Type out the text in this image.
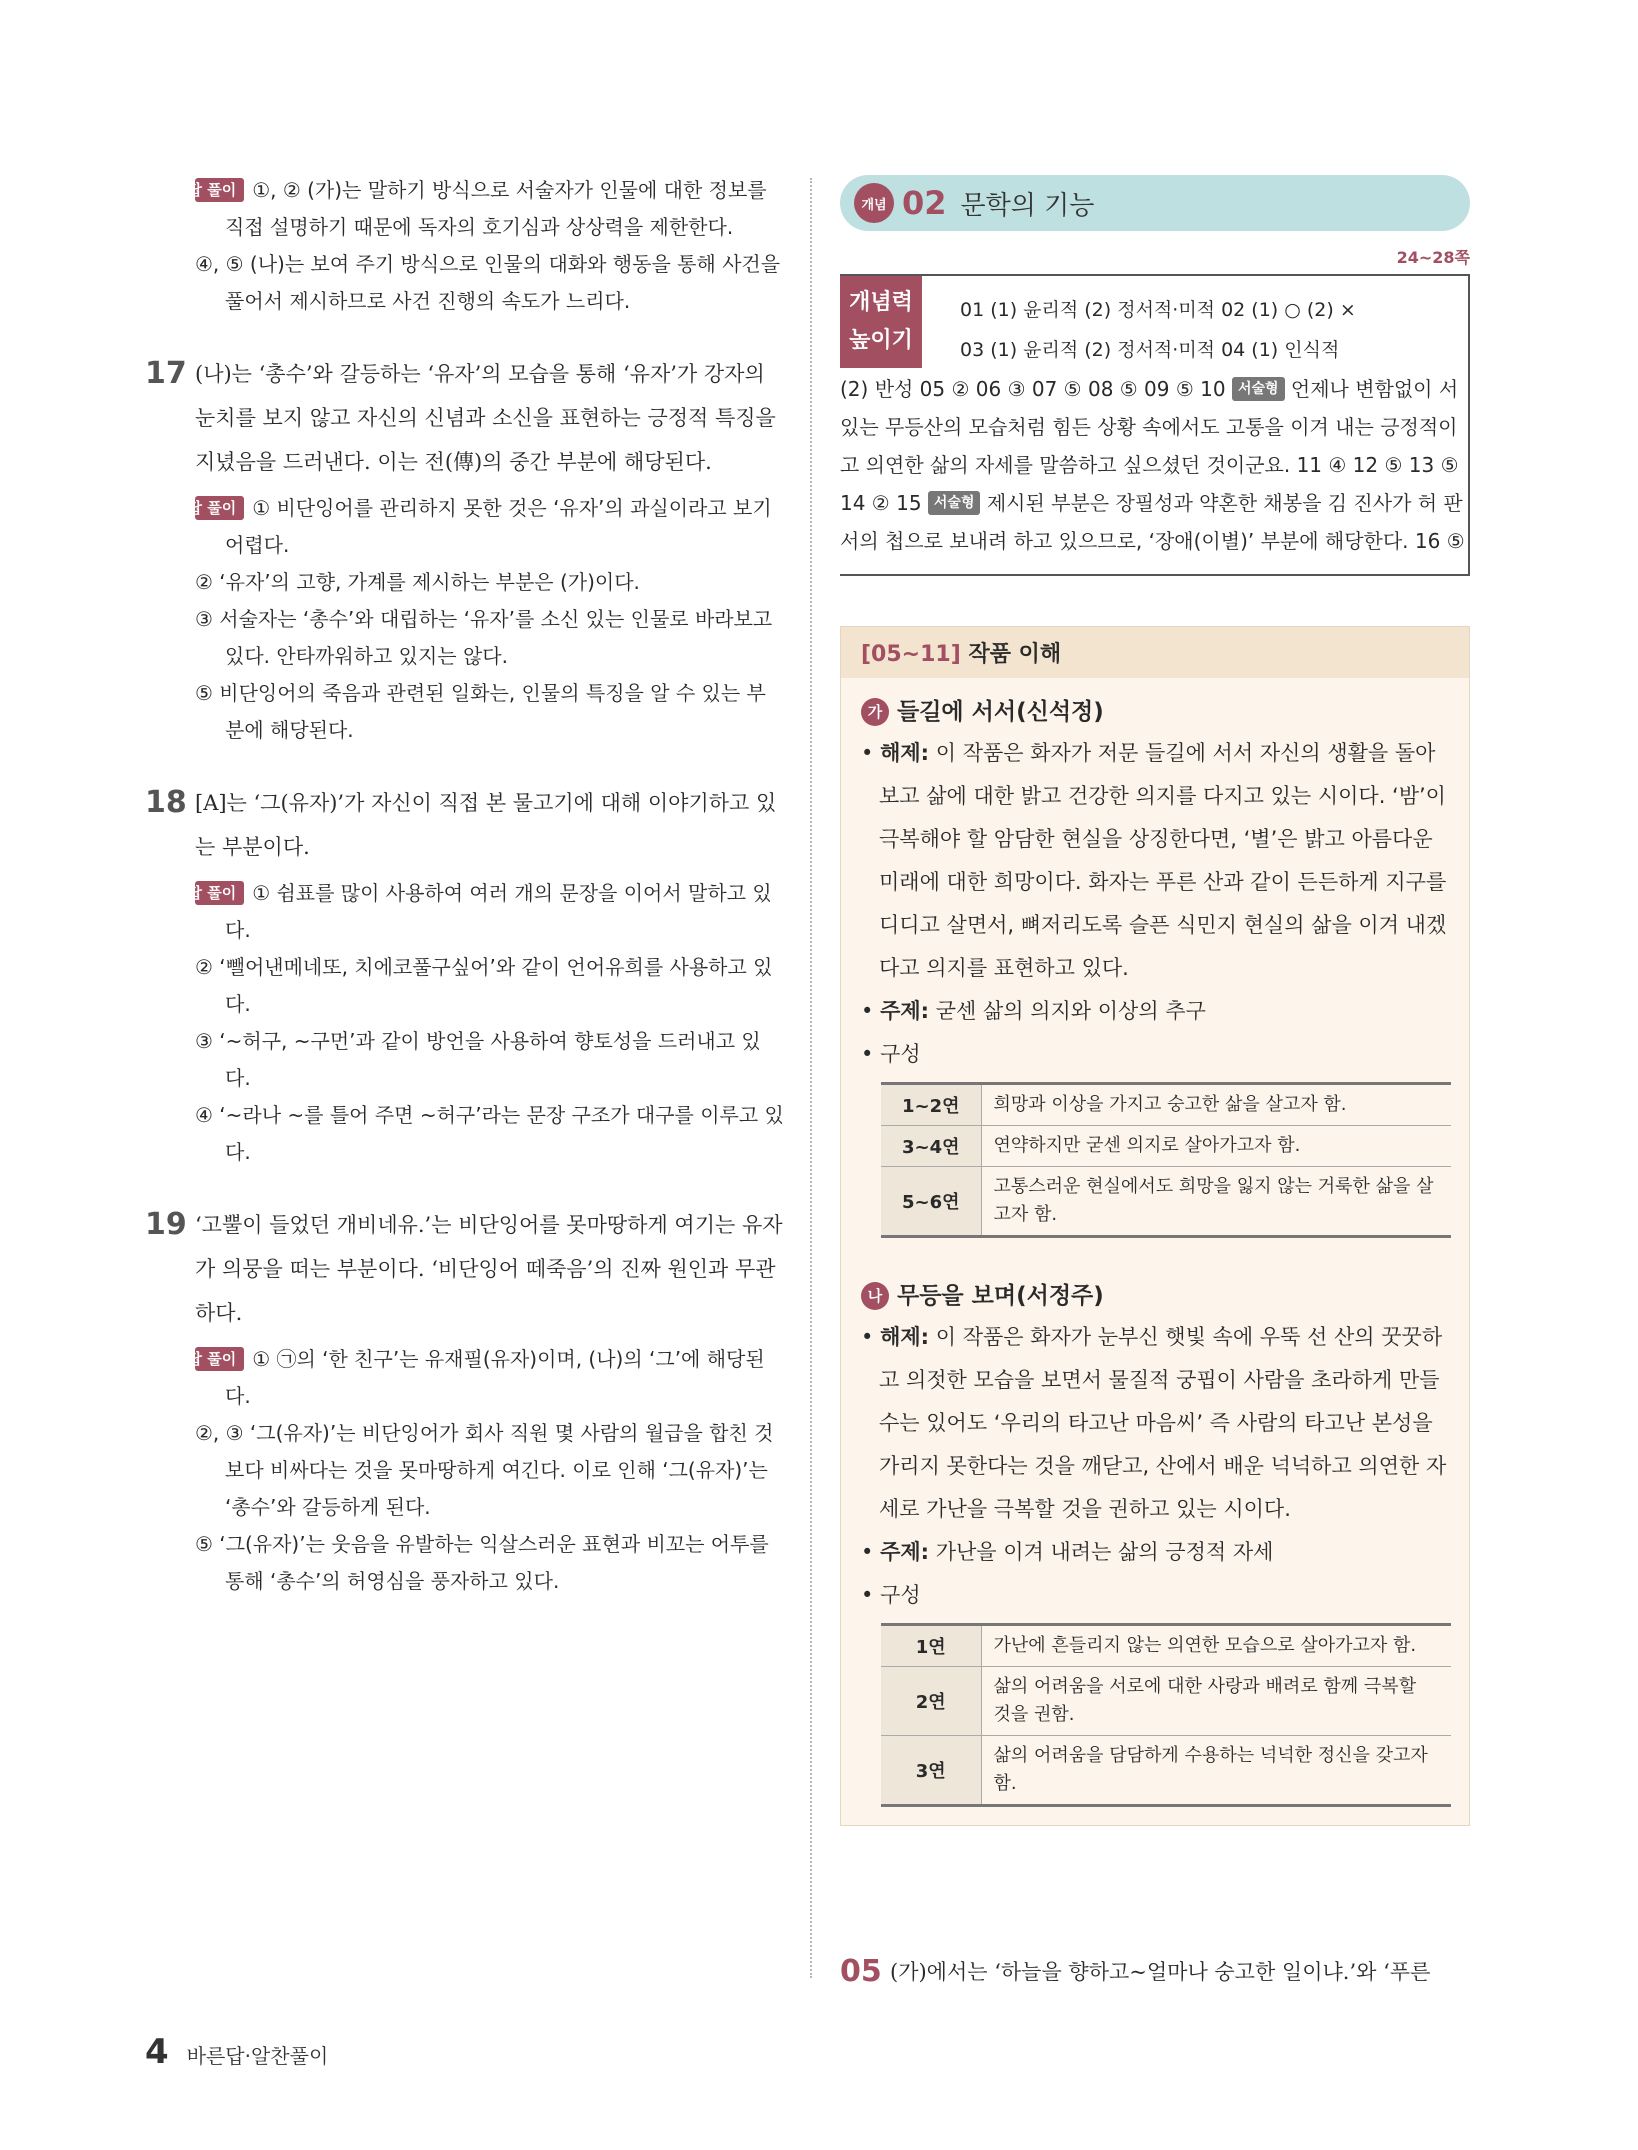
오답 풀이 ①, ② (가)는 말하기 방식으로 서술자가 인물에 대한 정보를 직접 설명하기 때문에 독자의 호기심과 상상력을 제한한다.
④, ⑤ (나)는 보여 주기 방식으로 인물의 대화와 행동을 통해 사건을 풀어서 제시하므로 사건 진행의 속도가 느리다.
17 (나)는 ‘총수’와 갈등하는 ‘유자’의 모습을 통해 ‘유자’가 강자의 눈치를 보지 않고 자신의 신념과 소신을 표현하는 긍정적 특징을 지녔음을 드러낸다. 이는 전(傳)의 중간 부분에 해당된다.
오답 풀이 ① 비단잉어를 관리하지 못한 것은 ‘유자’의 과실이라고 보기 어렵다.
② ‘유자’의 고향, 가계를 제시하는 부분은 (가)이다.
③ 서술자는 ‘총수’와 대립하는 ‘유자’를 소신 있는 인물로 바라보고 있다. 안타까워하고 있지는 않다.
⑤ 비단잉어의 죽음과 관련된 일화는, 인물의 특징을 알 수 있는 부분에 해당된다.
18 [A]는 ‘그(유자)’가 자신이 직접 본 물고기에 대해 이야기하고 있는 부분이다.
오답 풀이 ① 쉼표를 많이 사용하여 여러 개의 문장을 이어서 말하고 있다.
② ‘뺄어낸메네또, 치에코풀구싶어’와 같이 언어유희를 사용하고 있다.
③ ‘~허구, ~구먼’과 같이 방언을 사용하여 향토성을 드러내고 있다.
④ ‘~라나 ~를 틀어 주면 ~허구’라는 문장 구조가 대구를 이루고 있다.
19 ‘고뿔이 들었던 개비네유.’는 비단잉어를 못마땅하게 여기는 유자가 의뭉을 떠는 부분이다. ‘비단잉어 떼죽음’의 진짜 원인과 무관하다.
오답 풀이 ① ㉠의 ‘한 친구’는 유재필(유자)이며, (나)의 ‘그’에 해당된다.
②, ③ ‘그(유자)’는 비단잉어가 회사 직원 몇 사람의 월급을 합친 것보다 비싸다는 것을 못마땅하게 여긴다. 이로 인해 ‘그(유자)’는 ‘총수’와 갈등하게 된다.
⑤ ‘그(유자)’는 웃음을 유발하는 익살스러운 표현과 비꼬는 어투를 통해 ‘총수’의 허영심을 풍자하고 있다.
개념 02 문학의 기능
24~28쪽
개념력
높이기
01 (1) 윤리적 (2) 정서적·미적 02 (1) ○ (2) ×
03 (1) 윤리적 (2) 정서적·미적 04 (1) 인식적
(2) 반성 05 ② 06 ③ 07 ⑤ 08 ⑤ 09 ⑤ 10 서술형 언제나 변함없이 서 있는 무등산의 모습처럼 힘든 상황 속에서도 고통을 이겨 내는 긍정적이고 의연한 삶의 자세를 말씀하고 싶으셨던 것이군요. 11 ④ 12 ⑤ 13 ⑤ 14 ② 15 서술형 제시된 부분은 장필성과 약혼한 채봉을 김 진사가 허 판서의 첩으로 보내려 하고 있으므로, ‘장애(이별)’ 부분에 해당한다. 16 ⑤
[05~11] 작품 이해
가 들길에 서서(신석정)
• 해제: 이 작품은 화자가 저문 들길에 서서 자신의 생활을 돌아보고 삶에 대한 밝고 건강한 의지를 다지고 있는 시이다. ‘밤’이 극복해야 할 암담한 현실을 상징한다면, ‘별’은 밝고 아름다운 미래에 대한 희망이다. 화자는 푸른 산과 같이 든든하게 지구를 디디고 살면서, 뼈저리도록 슬픈 식민지 현실의 삶을 이겨 내겠다고 의지를 표현하고 있다.
• 주제: 굳센 삶의 의지와 이상의 추구
• 구성
1~2연	희망과 이상을 가지고 숭고한 삶을 살고자 함.
3~4연	연약하지만 굳센 의지로 살아가고자 함.
5~6연	고통스러운 현실에서도 희망을 잃지 않는 거룩한 삶을 살고자 함.
나 무등을 보며(서정주)
• 해제: 이 작품은 화자가 눈부신 햇빛 속에 우뚝 선 산의 꿋꿋하고 의젓한 모습을 보면서 물질적 궁핍이 사람을 초라하게 만들 수는 있어도 ‘우리의 타고난 마음씨’ 즉 사람의 타고난 본성을 가리지 못한다는 것을 깨닫고, 산에서 배운 넉넉하고 의연한 자세로 가난을 극복할 것을 권하고 있는 시이다.
• 주제: 가난을 이겨 내려는 삶의 긍정적 자세
• 구성
1연	가난에 흔들리지 않는 의연한 모습으로 살아가고자 함.
2연	삶의 어려움을 서로에 대한 사랑과 배려로 함께 극복할 것을 권함.
3연	삶의 어려움을 담담하게 수용하는 넉넉한 정신을 갖고자 함.
05 (가)에서는 ‘하늘을 향하고~얼마나 숭고한 일이냐.’와 ‘푸른
4 바른답·알찬풀이
